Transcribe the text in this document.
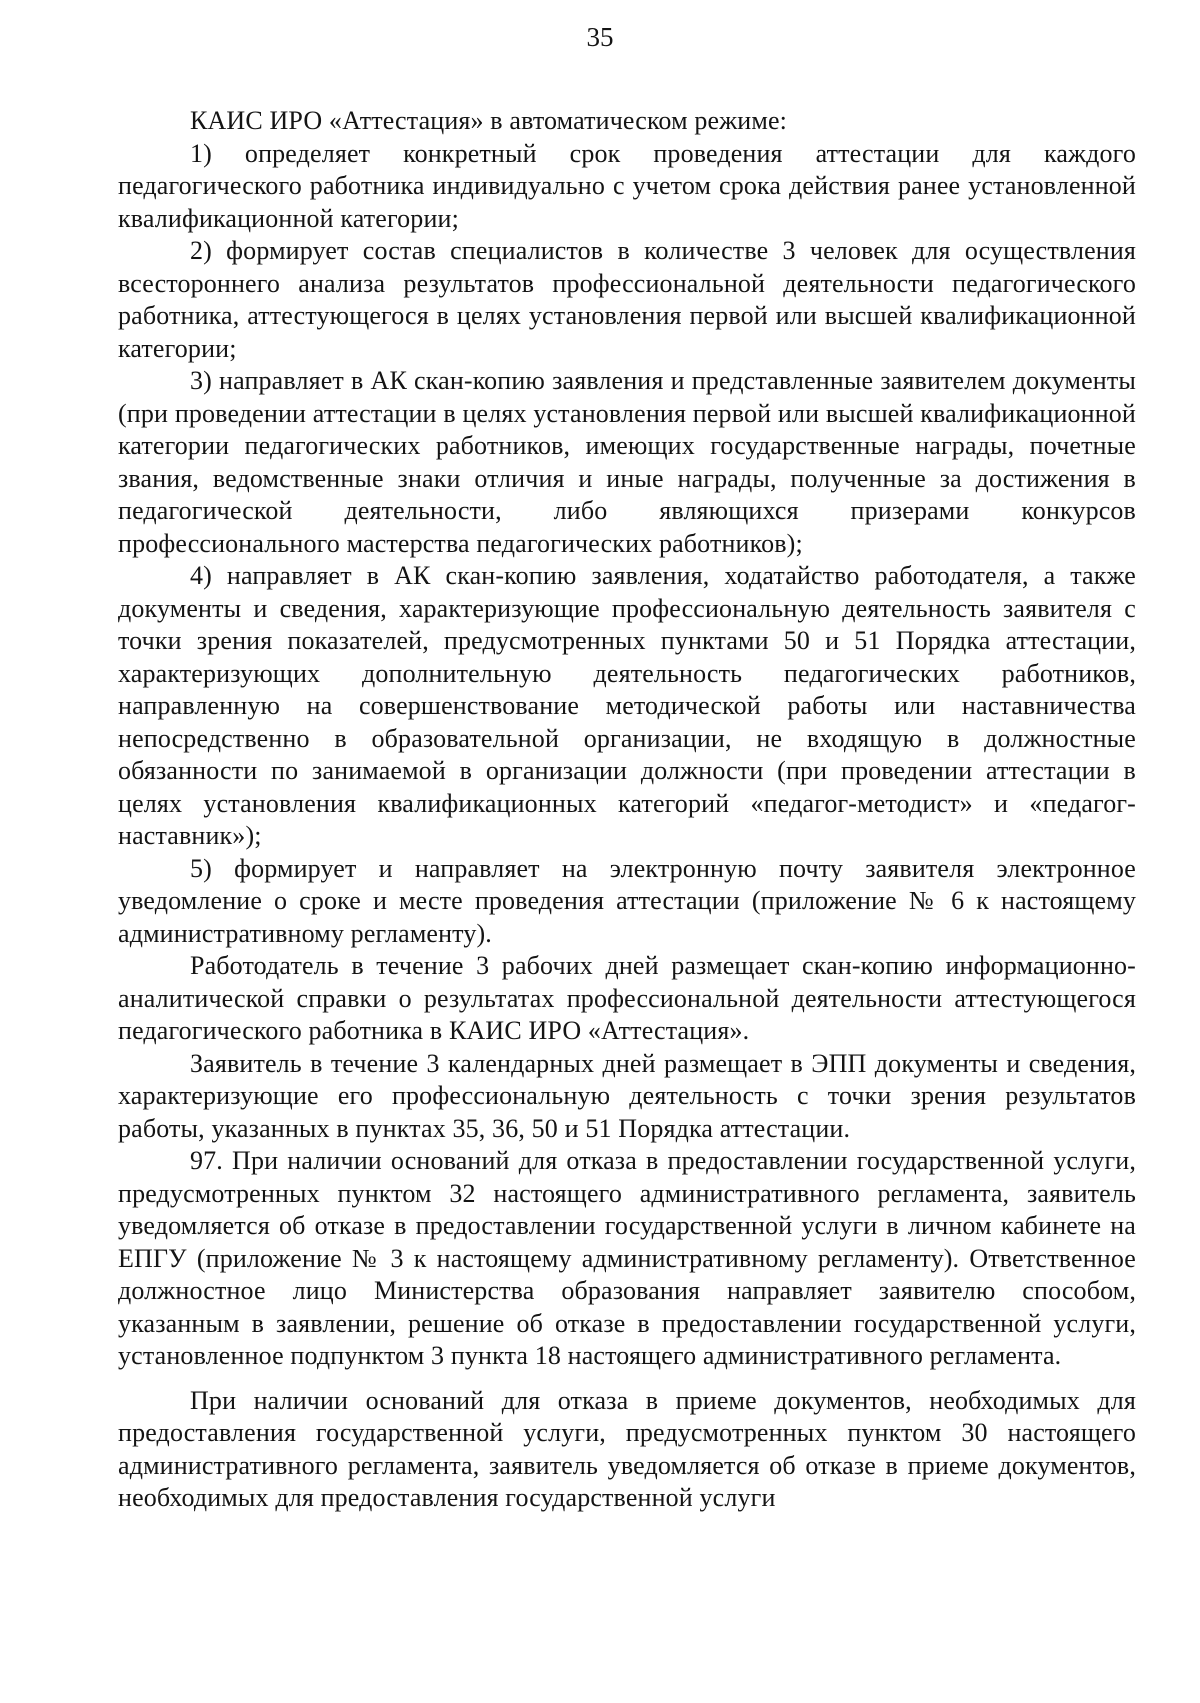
35

КАИС ИРО «Аттестация» в автоматическом режиме:

1) определяет конкретный срок проведения аттестации для каждого педагогического работника индивидуально с учетом срока действия ранее установленной квалификационной категории;

2) формирует состав специалистов в количестве 3 человек для осуществления всестороннего анализа результатов профессиональной деятельности педагогического работника, аттестующегося в целях установления первой или высшей квалификационной категории;

3) направляет в АК скан-копию заявления и представленные заявителем документы (при проведении аттестации в целях установления первой или высшей квалификационной категории педагогических работников, имеющих государственные награды, почетные звания, ведомственные знаки отличия и иные награды, полученные за достижения в педагогической деятельности, либо являющихся призерами конкурсов профессионального мастерства педагогических работников);

4) направляет в АК скан-копию заявления, ходатайство работодателя, а также документы и сведения, характеризующие профессиональную деятельность заявителя с точки зрения показателей, предусмотренных пунктами 50 и 51 Порядка аттестации, характеризующих дополнительную деятельность педагогических работников, направленную на совершенствование методической работы или наставничества непосредственно в образовательной организации, не входящую в должностные обязанности по занимаемой в организации должности (при проведении аттестации в целях установления квалификационных категорий «педагог-методист» и «педагог-наставник»);

5) формирует и направляет на электронную почту заявителя электронное уведомление о сроке и месте проведения аттестации (приложение № 6 к настоящему административному регламенту).

Работодатель в течение 3 рабочих дней размещает скан-копию информационно-аналитической справки о результатах профессиональной деятельности аттестующегося педагогического работника в КАИС ИРО «Аттестация».

Заявитель в течение 3 календарных дней размещает в ЭПП документы и сведения, характеризующие его профессиональную деятельность с точки зрения результатов работы, указанных в пунктах 35, 36, 50 и 51 Порядка аттестации.

97. При наличии оснований для отказа в предоставлении государственной услуги, предусмотренных пунктом 32 настоящего административного регламента, заявитель уведомляется об отказе в предоставлении государственной услуги в личном кабинете на ЕПГУ (приложение № 3 к настоящему административному регламенту). Ответственное должностное лицо Министерства образования направляет заявителю способом, указанным в заявлении, решение об отказе в предоставлении государственной услуги, установленное подпунктом 3 пункта 18 настоящего административного регламента.

При наличии оснований для отказа в приеме документов, необходимых для предоставления государственной услуги, предусмотренных пунктом 30 настоящего административного регламента, заявитель уведомляется об отказе в приеме документов, необходимых для предоставления государственной услуги
